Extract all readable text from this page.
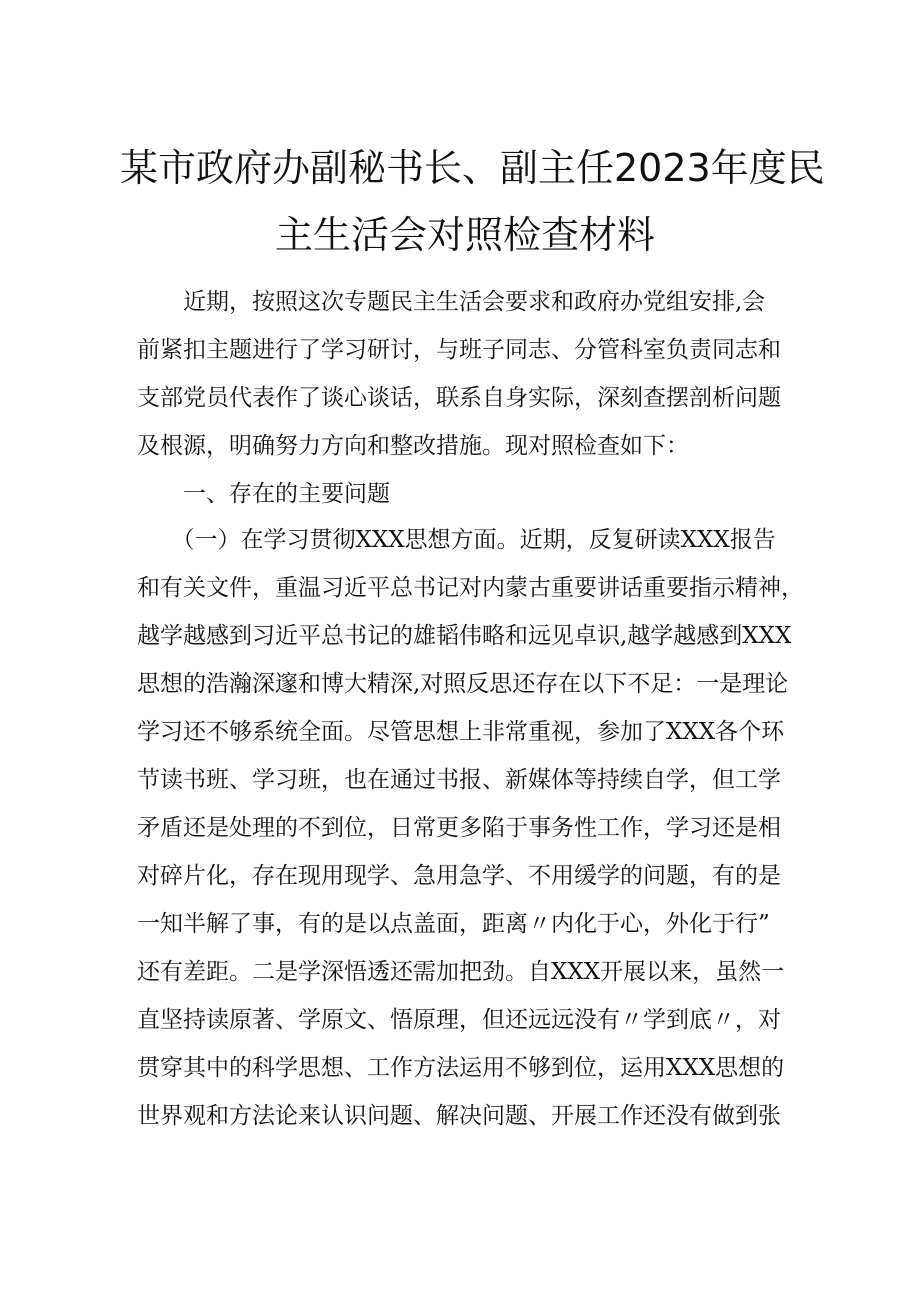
某市政府办副秘书长、副主任2023年度民
主生活会对照检查材料
　　近期，按照这次专题民主生活会要求和政府办党组安排,会
前紧扣主题进行了学习研讨，与班子同志、分管科室负责同志和
支部党员代表作了谈心谈话，联系自身实际，深刻查摆剖析问题
及根源，明确努力方向和整改措施。现对照检查如下：
　　一、存在的主要问题
　　（一）在学习贯彻XXX思想方面。近期，反复研读XXX报告
和有关文件，重温习近平总书记对内蒙古重要讲话重要指示精神，
越学越感到习近平总书记的雄韬伟略和远见卓识,越学越感到XXX
思想的浩瀚深邃和博大精深,对照反思还存在以下不足：一是理论
学习还不够系统全面。尽管思想上非常重视，参加了XXX各个环
节读书班、学习班，也在通过书报、新媒体等持续自学，但工学
矛盾还是处理的不到位，日常更多陷于事务性工作，学习还是相
对碎片化，存在现用现学、急用急学、不用缓学的问题，有的是
一知半解了事，有的是以点盖面，距离〃内化于心，外化于行”
还有差距。二是学深悟透还需加把劲。自XXX开展以来，虽然一
直坚持读原著、学原文、悟原理，但还远远没有〃学到底〃，对
贯穿其中的科学思想、工作方法运用不够到位，运用XXX思想的
世界观和方法论来认识问题、解决问题、开展工作还没有做到张
